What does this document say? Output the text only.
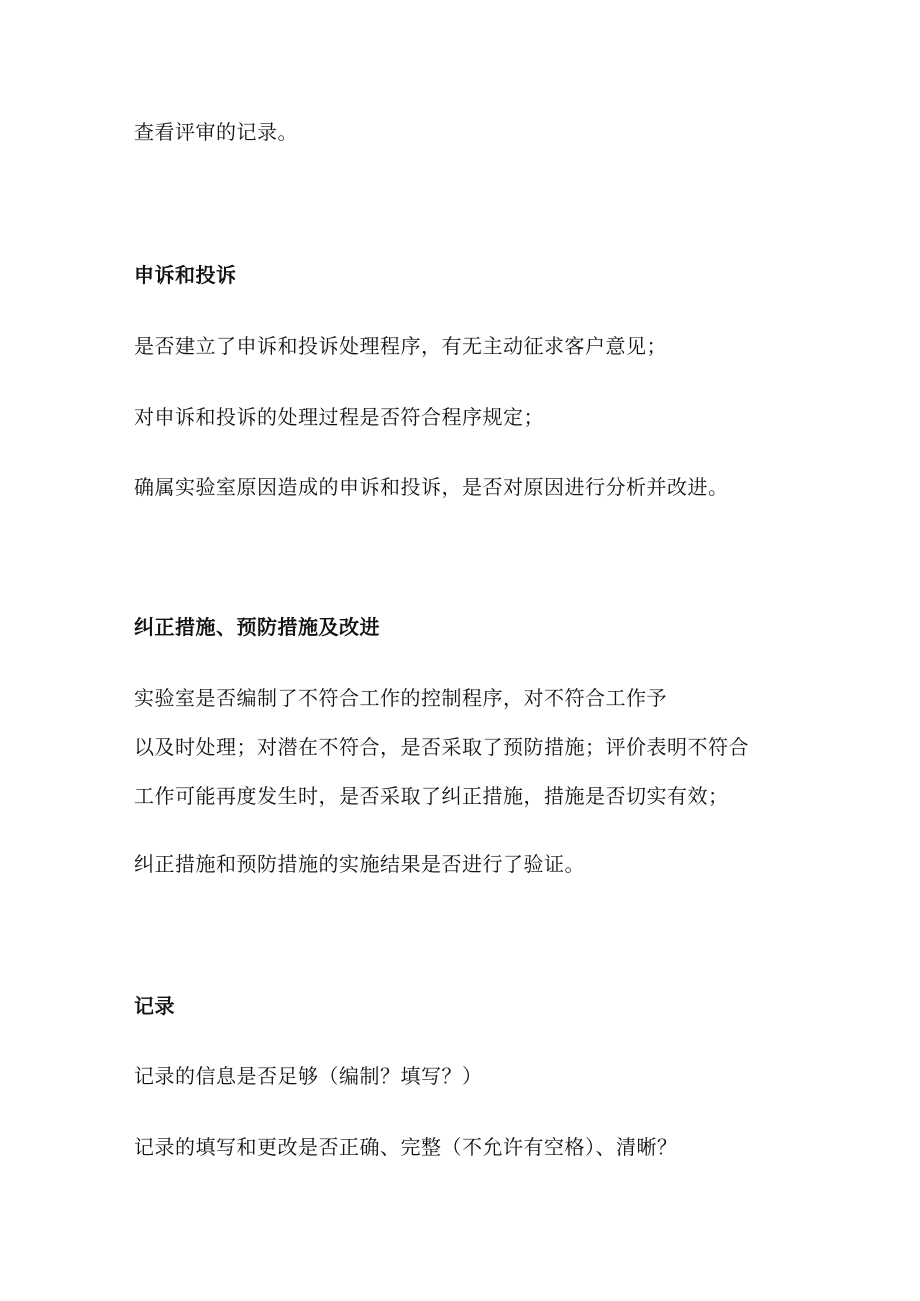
查看评审的记录。
申诉和投诉
是否建立了申诉和投诉处理程序，有无主动征求客户意见；
对申诉和投诉的处理过程是否符合程序规定；
确属实验室原因造成的申诉和投诉，是否对原因进行分析并改进。
纠正措施、预防措施及改进
实验室是否编制了不符合工作的控制程序，对不符合工作予
以及时处理；对潜在不符合，是否采取了预防措施；评价表明不符合
工作可能再度发生时，是否采取了纠正措施，措施是否切实有效；
纠正措施和预防措施的实施结果是否进行了验证。
记录
记录的信息是否足够（编制？填写？）
记录的填写和更改是否正确、完整（不允许有空格）、清晰？
